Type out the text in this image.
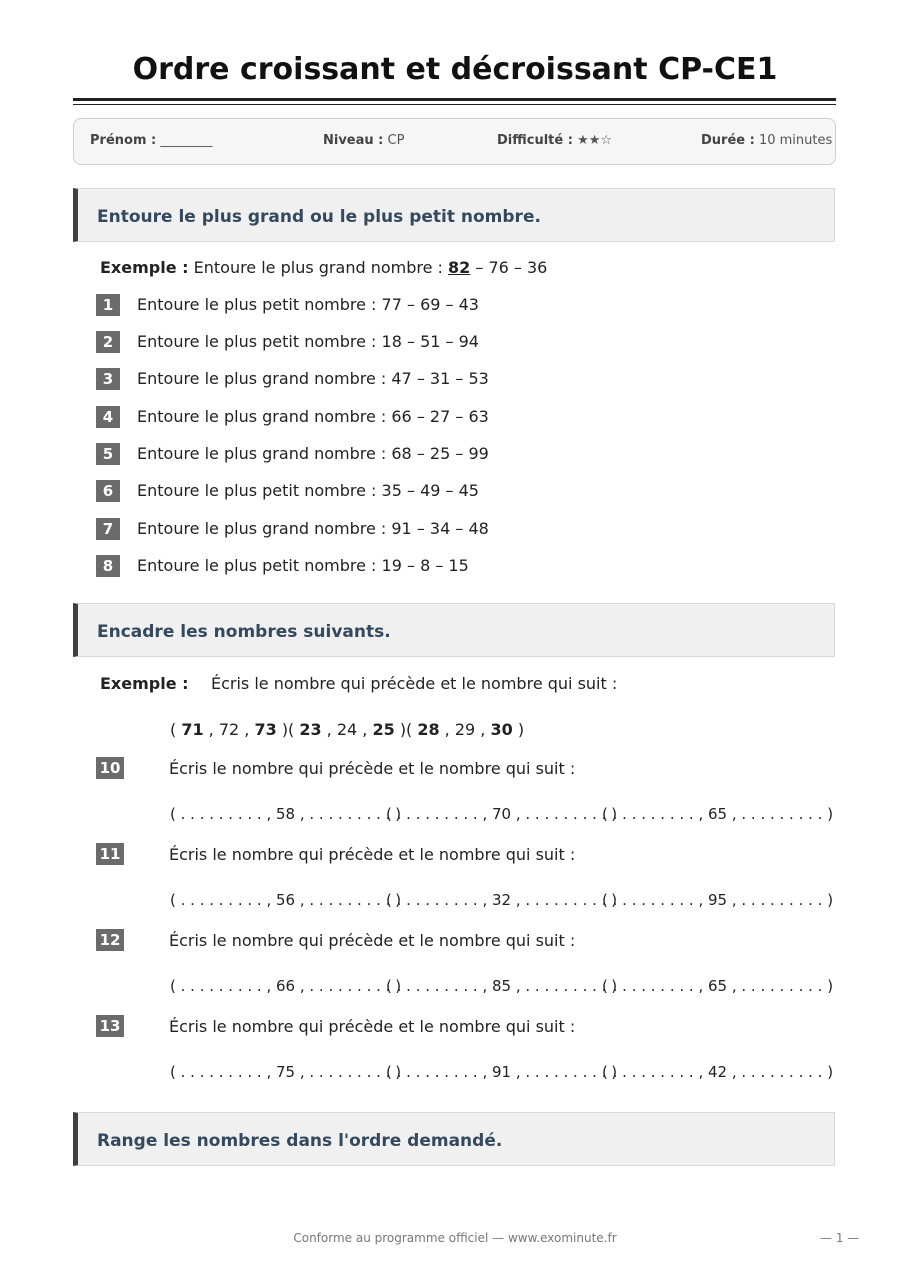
Ordre croissant et décroissant CP-CE1
Prénom : ________	Niveau : CP	Difficulté : ★★☆	Durée : 10 minutes
Entoure le plus grand ou le plus petit nombre.
Exemple : Entoure le plus grand nombre : 82 – 76 – 36
1	Entoure le plus petit nombre : 77 – 69 – 43
2	Entoure le plus petit nombre : 18 – 51 – 94
3	Entoure le plus grand nombre : 47 – 31 – 53
4	Entoure le plus grand nombre : 66 – 27 – 63
5	Entoure le plus grand nombre : 68 – 25 – 99
6	Entoure le plus petit nombre : 35 – 49 – 45
7	Entoure le plus grand nombre : 91 – 34 – 48
8	Entoure le plus petit nombre : 19 – 8 – 15
Encadre les nombres suivants.
Exemple : Écris le nombre qui précède et le nombre qui suit :
( 71 , 72 , 73 ) ( 23 , 24 , 25 ) ( 28 , 29 , 30 )
10	Écris le nombre qui précède et le nombre qui suit :
( . . . . . . . . . , 58 , . . . . . . . . . )
( . . . . . . . . . , 70 , . . . . . . . . . )
( . . . . . . . . . , 65 , . . . . . . . . . )
11	Écris le nombre qui précède et le nombre qui suit :
( . . . . . . . . . , 56 , . . . . . . . . . )
( . . . . . . . . . , 32 , . . . . . . . . . )
( . . . . . . . . . , 95 , . . . . . . . . . )
12	Écris le nombre qui précède et le nombre qui suit :
( . . . . . . . . . , 66 , . . . . . . . . . )
( . . . . . . . . . , 85 , . . . . . . . . . )
( . . . . . . . . . , 65 , . . . . . . . . . )
13	Écris le nombre qui précède et le nombre qui suit :
( . . . . . . . . . , 75 , . . . . . . . . . )
( . . . . . . . . . , 91 , . . . . . . . . . )
( . . . . . . . . . , 42 , . . . . . . . . . )
Range les nombres dans l'ordre demandé.
Conforme au programme officiel — www.exominute.fr	— 1 —
